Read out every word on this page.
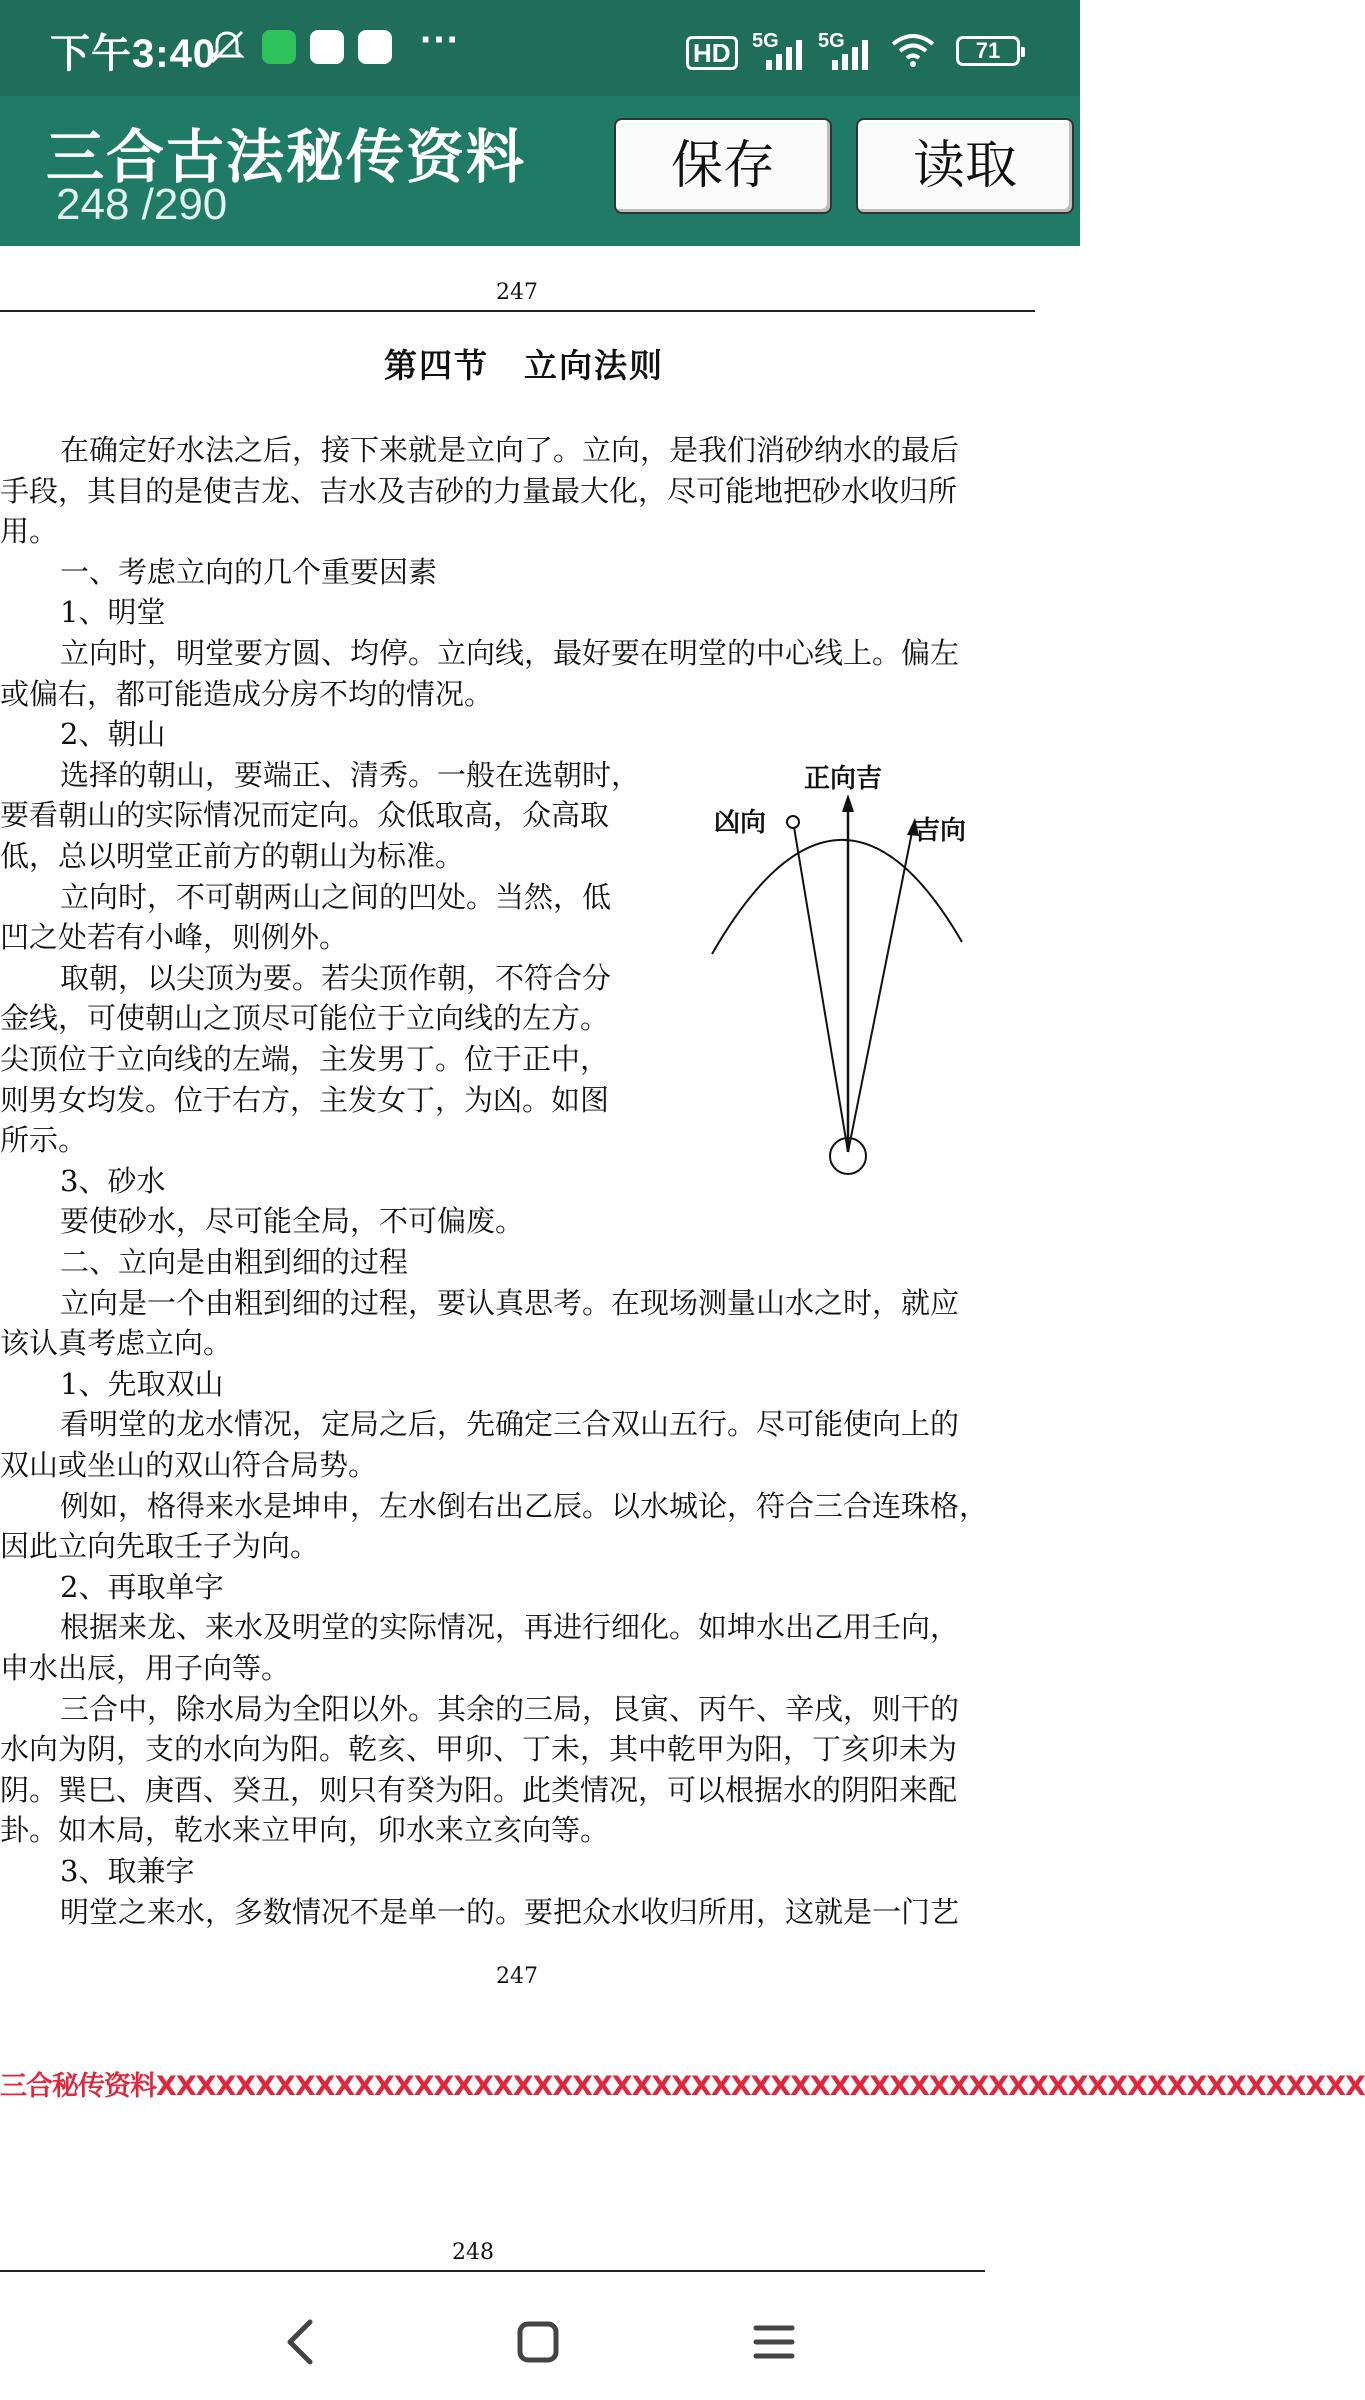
下午3:40	···	HD	5G 5G	71
三合古法秘传资料
248 /290
保存	读取
247
第四节　立向法则
在确定好水法之后，接下来就是立向了。立向，是我们消砂纳水的最后
手段，其目的是使吉龙、吉水及吉砂的力量最大化，尽可能地把砂水收归所
用。
一、考虑立向的几个重要因素
1、明堂
立向时，明堂要方圆、均停。立向线，最好要在明堂的中心线上。偏左
或偏右，都可能造成分房不均的情况。
2、朝山
选择的朝山，要端正、清秀。一般在选朝时，
要看朝山的实际情况而定向。众低取高，众高取
低，总以明堂正前方的朝山为标准。
立向时，不可朝两山之间的凹处。当然，低
凹之处若有小峰，则例外。
取朝，以尖顶为要。若尖顶作朝，不符合分
金线，可使朝山之顶尽可能位于立向线的左方。
尖顶位于立向线的左端，主发男丁。位于正中，
则男女均发。位于右方，主发女丁，为凶。如图
所示。
3、砂水
要使砂水，尽可能全局，不可偏废。
二、立向是由粗到细的过程
立向是一个由粗到细的过程，要认真思考。在现场测量山水之时，就应
该认真考虑立向。
1、先取双山
看明堂的龙水情况，定局之后，先确定三合双山五行。尽可能使向上的
双山或坐山的双山符合局势。
例如，格得来水是坤申，左水倒右出乙辰。以水城论，符合三合连珠格，
因此立向先取壬子为向。
2、再取单字
根据来龙、来水及明堂的实际情况，再进行细化。如坤水出乙用壬向，
申水出辰，用子向等。
三合中，除水局为全阳以外。其余的三局，艮寅、丙午、辛戌，则干的
水向为阴，支的水向为阳。乾亥、甲卯、丁未，其中乾甲为阳，丁亥卯未为
阴。巽巳、庚酉、癸丑，则只有癸为阳。此类情况，可以根据水的阴阳来配
卦。如木局，乾水来立甲向，卯水来立亥向等。
3、取兼字
明堂之来水，多数情况不是单一的。要把众水收归所用，这就是一门艺
正向吉
凶向	吉向
247
三合秘传资料XXXXXXXXXXXXXXXXXXXXXXXXXXXXXXXXXXXXXXXXXXXXXXXXXXXXXXXXXXXXX
248
